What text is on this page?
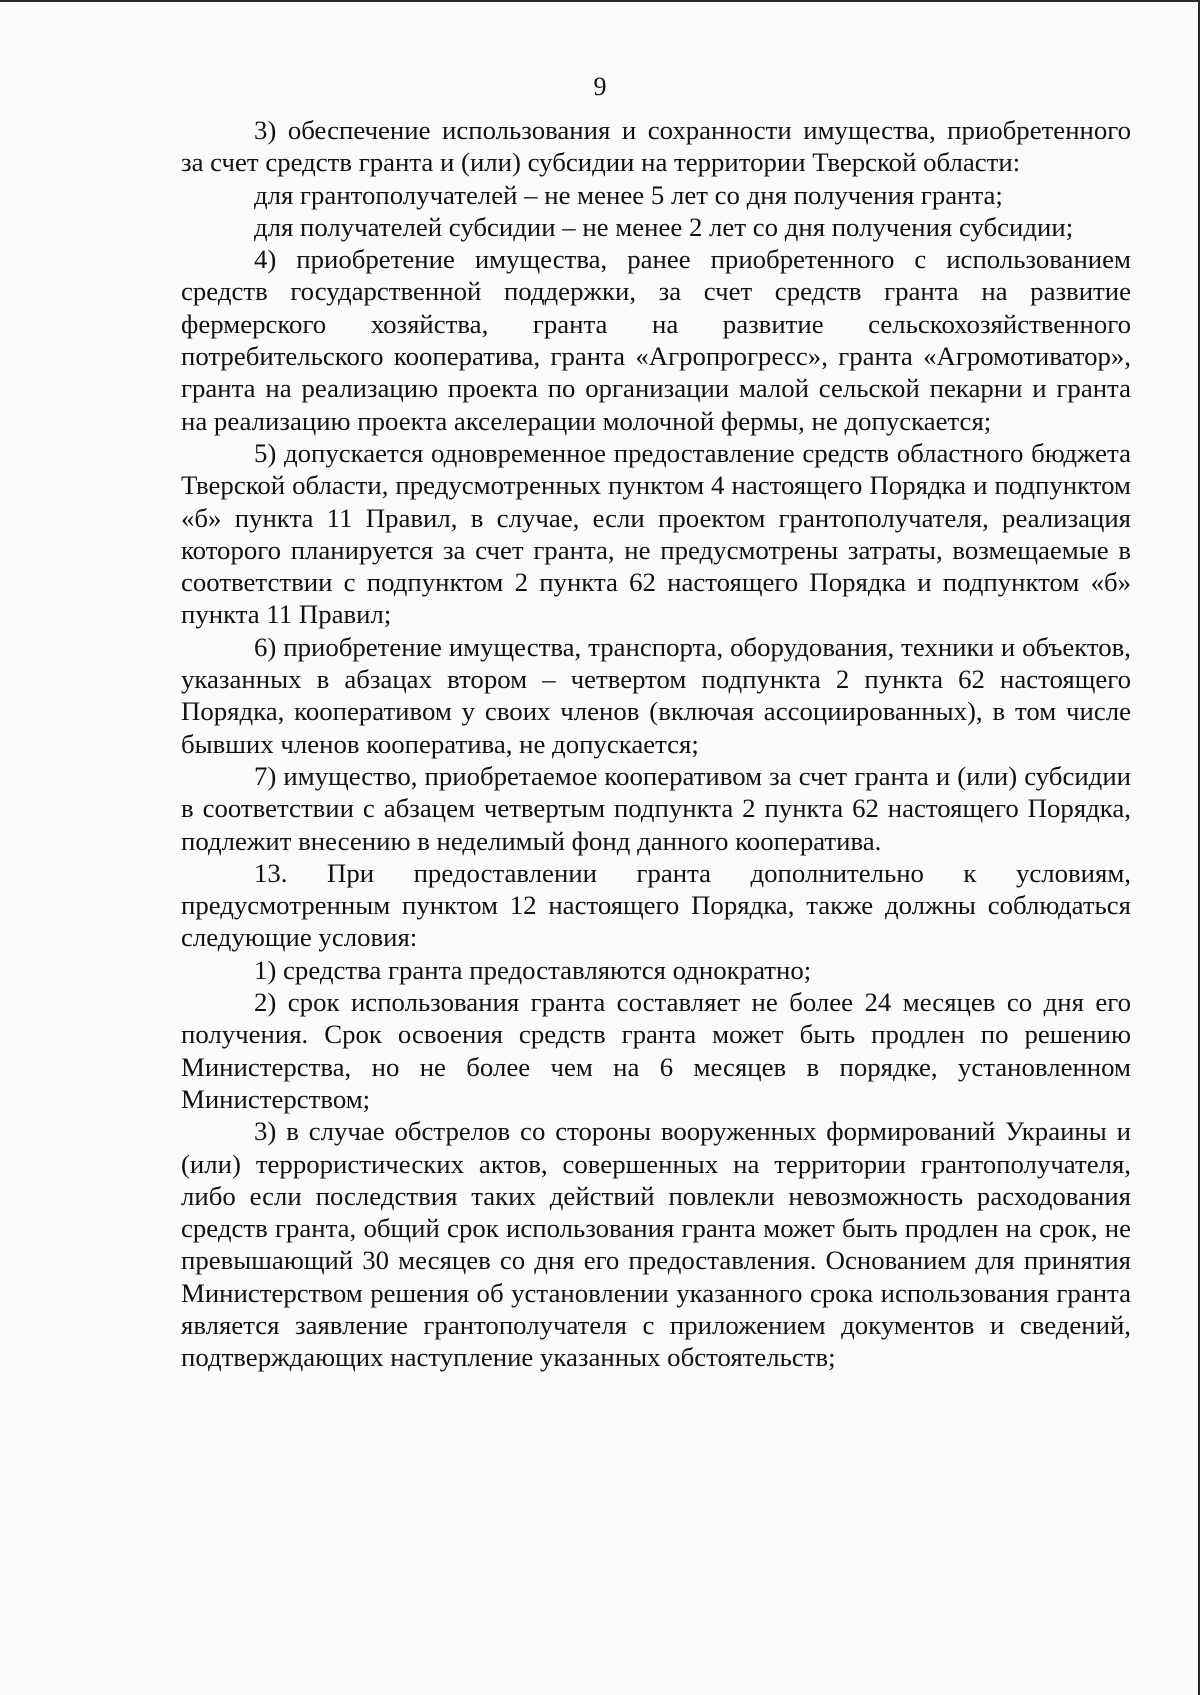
9

3) обеспечение использования и сохранности имущества, приобретенного за счет средств гранта и (или) субсидии на территории Тверской области:

для грантополучателей – не менее 5 лет со дня получения гранта;

для получателей субсидии – не менее 2 лет со дня получения субсидии;

4) приобретение имущества, ранее приобретенного с использованием средств государственной поддержки, за счет средств гранта на развитие фермерского хозяйства, гранта на развитие сельскохозяйственного потребительского кооператива, гранта «Агропрогресс», гранта «Агромотиватор», гранта на реализацию проекта по организации малой сельской пекарни и гранта на реализацию проекта акселерации молочной фермы, не допускается;

5) допускается одновременное предоставление средств областного бюджета Тверской области, предусмотренных пунктом 4 настоящего Порядка и подпунктом «б» пункта 11 Правил, в случае, если проектом грантополучателя, реализация которого планируется за счет гранта, не предусмотрены затраты, возмещаемые в соответствии с подпунктом 2 пункта 62 настоящего Порядка и подпунктом «б» пункта 11 Правил;

6) приобретение имущества, транспорта, оборудования, техники и объектов, указанных в абзацах втором – четвертом подпункта 2 пункта 62 настоящего Порядка, кооперативом у своих членов (включая ассоциированных), в том числе бывших членов кооператива, не допускается;

7) имущество, приобретаемое кооперативом за счет гранта и (или) субсидии в соответствии с абзацем четвертым подпункта 2 пункта 62 настоящего Порядка, подлежит внесению в неделимый фонд данного кооператива.

13. При предоставлении гранта дополнительно к условиям, предусмотренным пунктом 12 настоящего Порядка, также должны соблюдаться следующие условия:

1) средства гранта предоставляются однократно;

2) срок использования гранта составляет не более 24 месяцев со дня его получения. Срок освоения средств гранта может быть продлен по решению Министерства, но не более чем на 6 месяцев в порядке, установленном Министерством;

3) в случае обстрелов со стороны вооруженных формирований Украины и (или) террористических актов, совершенных на территории грантополучателя, либо если последствия таких действий повлекли невозможность расходования средств гранта, общий срок использования гранта может быть продлен на срок, не превышающий 30 месяцев со дня его предоставления. Основанием для принятия Министерством решения об установлении указанного срока использования гранта является заявление грантополучателя с приложением документов и сведений, подтверждающих наступление указанных обстоятельств;
